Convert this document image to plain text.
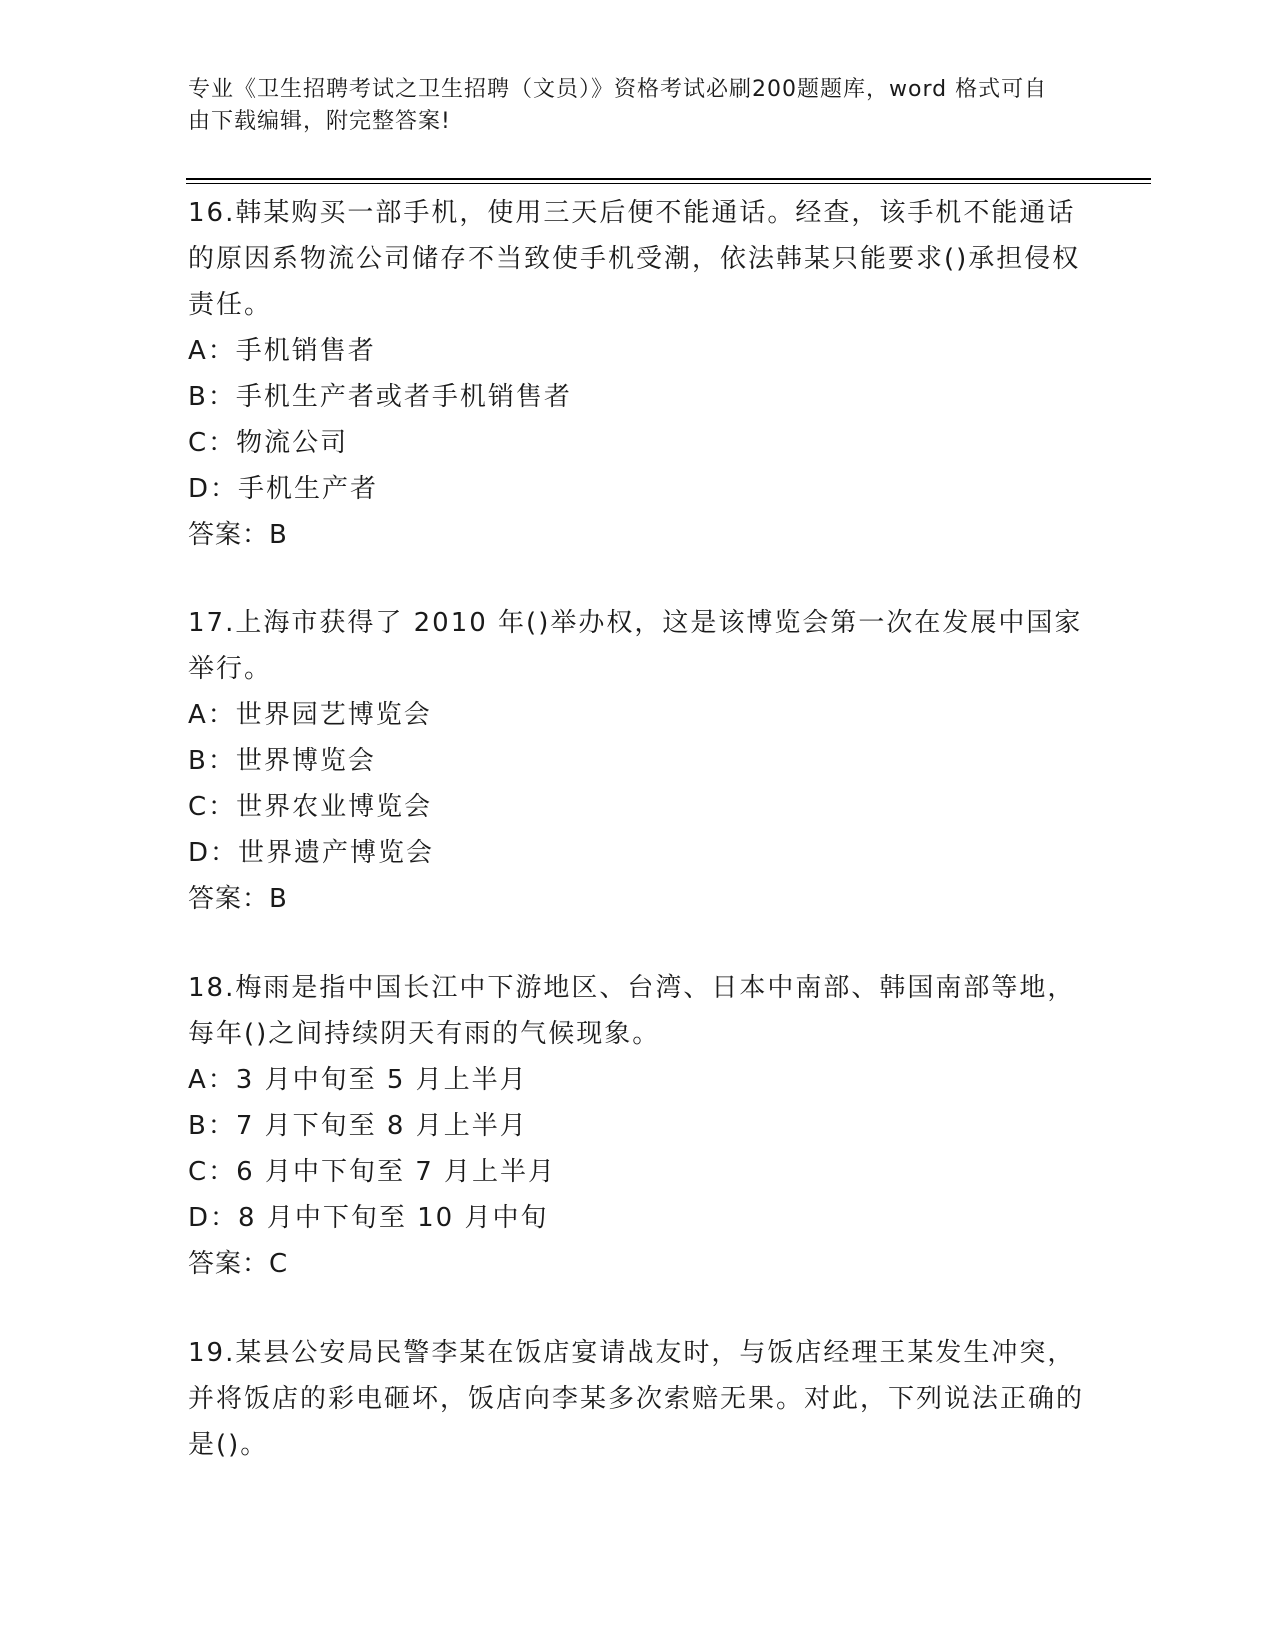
专业《卫生招聘考试之卫生招聘（文员）》资格考试必刷200题题库，word 格式可自由下载编辑，附完整答案!

16.韩某购买一部手机，使用三天后便不能通话。经查，该手机不能通话的原因系物流公司储存不当致使手机受潮，依法韩某只能要求()承担侵权责任。

A：手机销售者

B：手机生产者或者手机销售者

C：物流公司

D：手机生产者

答案：B

17.上海市获得了 2010 年()举办权，这是该博览会第一次在发展中国家举行。

A：世界园艺博览会

B：世界博览会

C：世界农业博览会

D：世界遗产博览会

答案：B

18.梅雨是指中国长江中下游地区、台湾、日本中南部、韩国南部等地，每年()之间持续阴天有雨的气候现象。

A：3 月中旬至 5 月上半月

B：7 月下旬至 8 月上半月

C：6 月中下旬至 7 月上半月

D：8 月中下旬至 10 月中旬

答案：C

19.某县公安局民警李某在饭店宴请战友时，与饭店经理王某发生冲突，并将饭店的彩电砸坏，饭店向李某多次索赔无果。对此，下列说法正确的是()。
